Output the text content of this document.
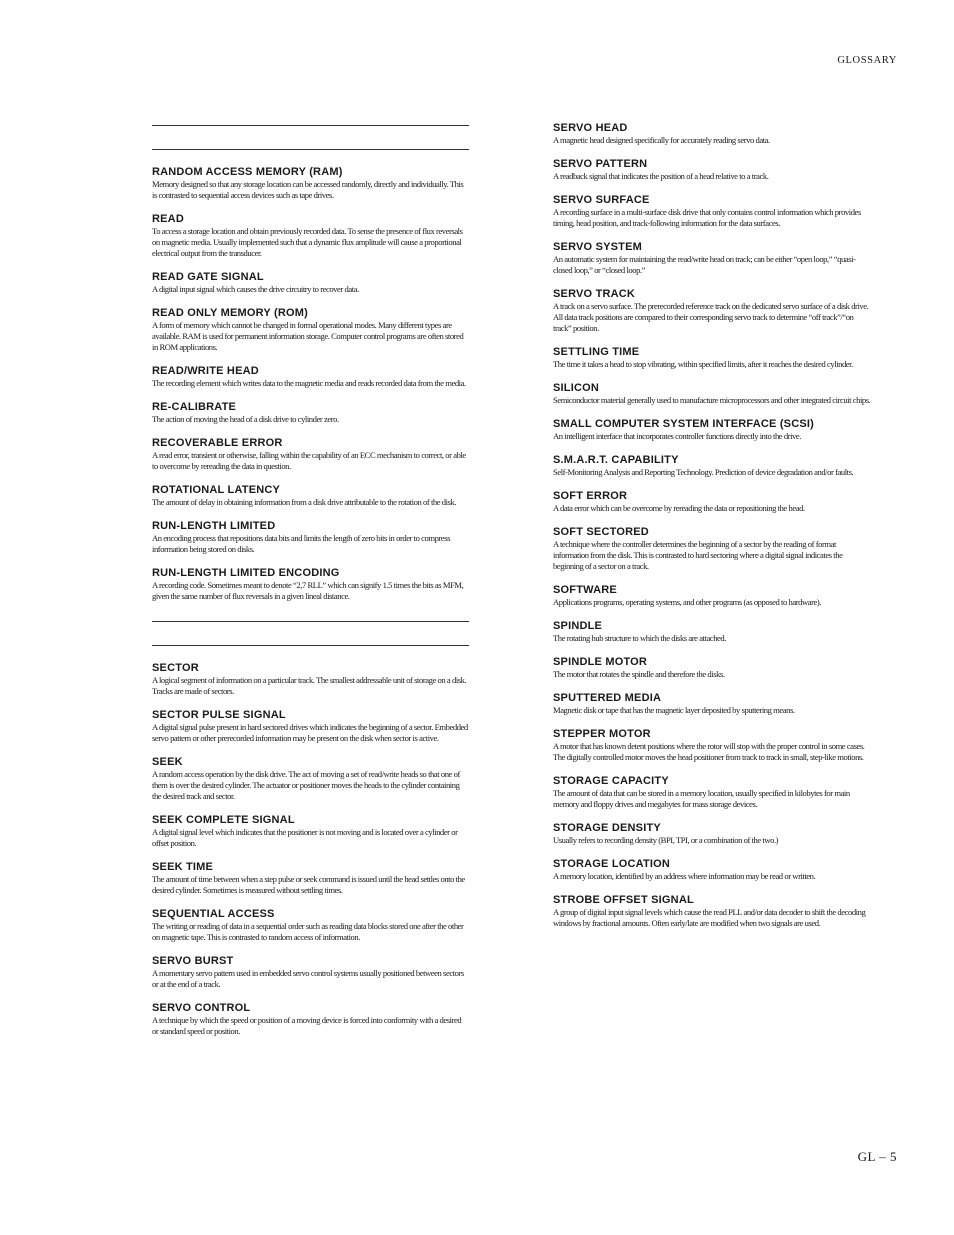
GLOSSARY

RANDOM ACCESS MEMORY (RAM)

Memory designed so that any storage location can be accessed randomly, directly and individually. This is contrasted to sequential access devices such as tape drives.

READ

To access a storage location and obtain previously recorded data. To sense the presence of flux reversals on magnetic media. Usually implemented such that a dynamic flux amplitude will cause a proportional electrical output from the transducer.

READ GATE SIGNAL

A digital input signal which causes the drive circuitry to recover data.

READ ONLY MEMORY (ROM)

A form of memory which cannot be changed in formal operational modes. Many different types are available. RAM is used for permanent information storage. Computer control programs are often stored in ROM applications.

READ/WRITE HEAD

The recording element which writes data to the magnetic media and reads recorded data from the media.

RE-CALIBRATE

The action of moving the head of a disk drive to cylinder zero.

RECOVERABLE ERROR

A read error, transient or otherwise, falling within the capability of an ECC mechanism to correct, or able to overcome by rereading the data in question.

ROTATIONAL LATENCY

The amount of delay in obtaining information from a disk drive attributable to the rotation of the disk.

RUN-LENGTH LIMITED

An encoding process that repositions data bits and limits the length of zero bits in order to compress information being stored on disks.

RUN-LENGTH LIMITED ENCODING

A recording code. Sometimes meant to denote “2,7 RLL” which can signify 1.5 times the bits as MFM, given the same number of flux reversals in a given lineal distance.

SECTOR

A logical segment of information on a particular track. The smallest addressable unit of storage on a disk. Tracks are made of sectors.

SECTOR PULSE SIGNAL

A digital signal pulse present in hard sectored drives which indicates the beginning of a sector. Embedded servo pattern or other prerecorded information may be present on the disk when sector is active.

SEEK

A random access operation by the disk drive. The act of moving a set of read/write heads so that one of them is over the desired cylinder. The actuator or positioner moves the heads to the cylinder containing the desired track and sector.

SEEK COMPLETE SIGNAL

A digital signal level which indicates that the positioner is not moving and is located over a cylinder or offset position.

SEEK TIME

The amount of time between when a step pulse or seek command is issued until the head settles onto the desired cylinder. Sometimes is measured without settling times.

SEQUENTIAL ACCESS

The writing or reading of data in a sequential order such as reading data blocks stored one after the other on magnetic tape. This is contrasted to random access of information.

SERVO BURST

A momentary servo pattern used in embedded servo control systems usually positioned between sectors or at the end of a track.

SERVO CONTROL

A technique by which the speed or position of a moving device is forced into conformity with a desired or standard speed or position.

SERVO HEAD

A magnetic head designed specifically for accurately reading servo data.

SERVO PATTERN

A readback signal that indicates the position of a head relative to a track.

SERVO SURFACE

A recording surface in a multi-surface disk drive that only contains control information which provides timing, head position, and track-following information for the data surfaces.

SERVO SYSTEM

An automatic system for maintaining the read/write head on track; can be either “open loop,” “quasi-closed loop,” or “closed loop.”

SERVO TRACK

A track on a servo surface. The prerecorded reference track on the dedicated servo surface of a disk drive. All data track positions are compared to their corresponding servo track to determine “off track”/“on track” position.

SETTLING TIME

The time it takes a head to stop vibrating, within specified limits, after it reaches the desired cylinder.

SILICON

Semiconductor material generally used to manufacture microprocessors and other integrated circuit chips.

SMALL COMPUTER SYSTEM INTERFACE (SCSI)

An intelligent interface that incorporates controller functions directly into the drive.

S.M.A.R.T. CAPABILITY

Self-Monitoring Analysis and Reporting Technology. Prediction of device degradation and/or faults.

SOFT ERROR

A data error which can be overcome by rereading the data or repositioning the head.

SOFT SECTORED

A technique where the controller determines the beginning of a sector by the reading of format information from the disk. This is contrasted to hard sectoring where a digital signal indicates the beginning of a sector on a track.

SOFTWARE

Applications programs, operating systems, and other programs (as opposed to hardware).

SPINDLE

The rotating hub structure to which the disks are attached.

SPINDLE MOTOR

The motor that rotates the spindle and therefore the disks.

SPUTTERED MEDIA

Magnetic disk or tape that has the magnetic layer deposited by sputtering means.

STEPPER MOTOR

A motor that has known detent positions where the rotor will stop with the proper control in some cases. The digitally controlled motor moves the head positioner from track to track in small, step-like motions.

STORAGE CAPACITY

The amount of data that can be stored in a memory location, usually specified in kilobytes for main memory and floppy drives and megabytes for mass storage devices.

STORAGE DENSITY

Usually refers to recording density (BPI, TPI, or a combination of the two.)

STORAGE LOCATION

A memory location, identified by an address where information may be read or written.

STROBE OFFSET SIGNAL

A group of digital input signal levels which cause the read PLL and/or data decoder to shift the decoding windows by fractional amounts. Often early/late are modified when two signals are used.

GL – 5
